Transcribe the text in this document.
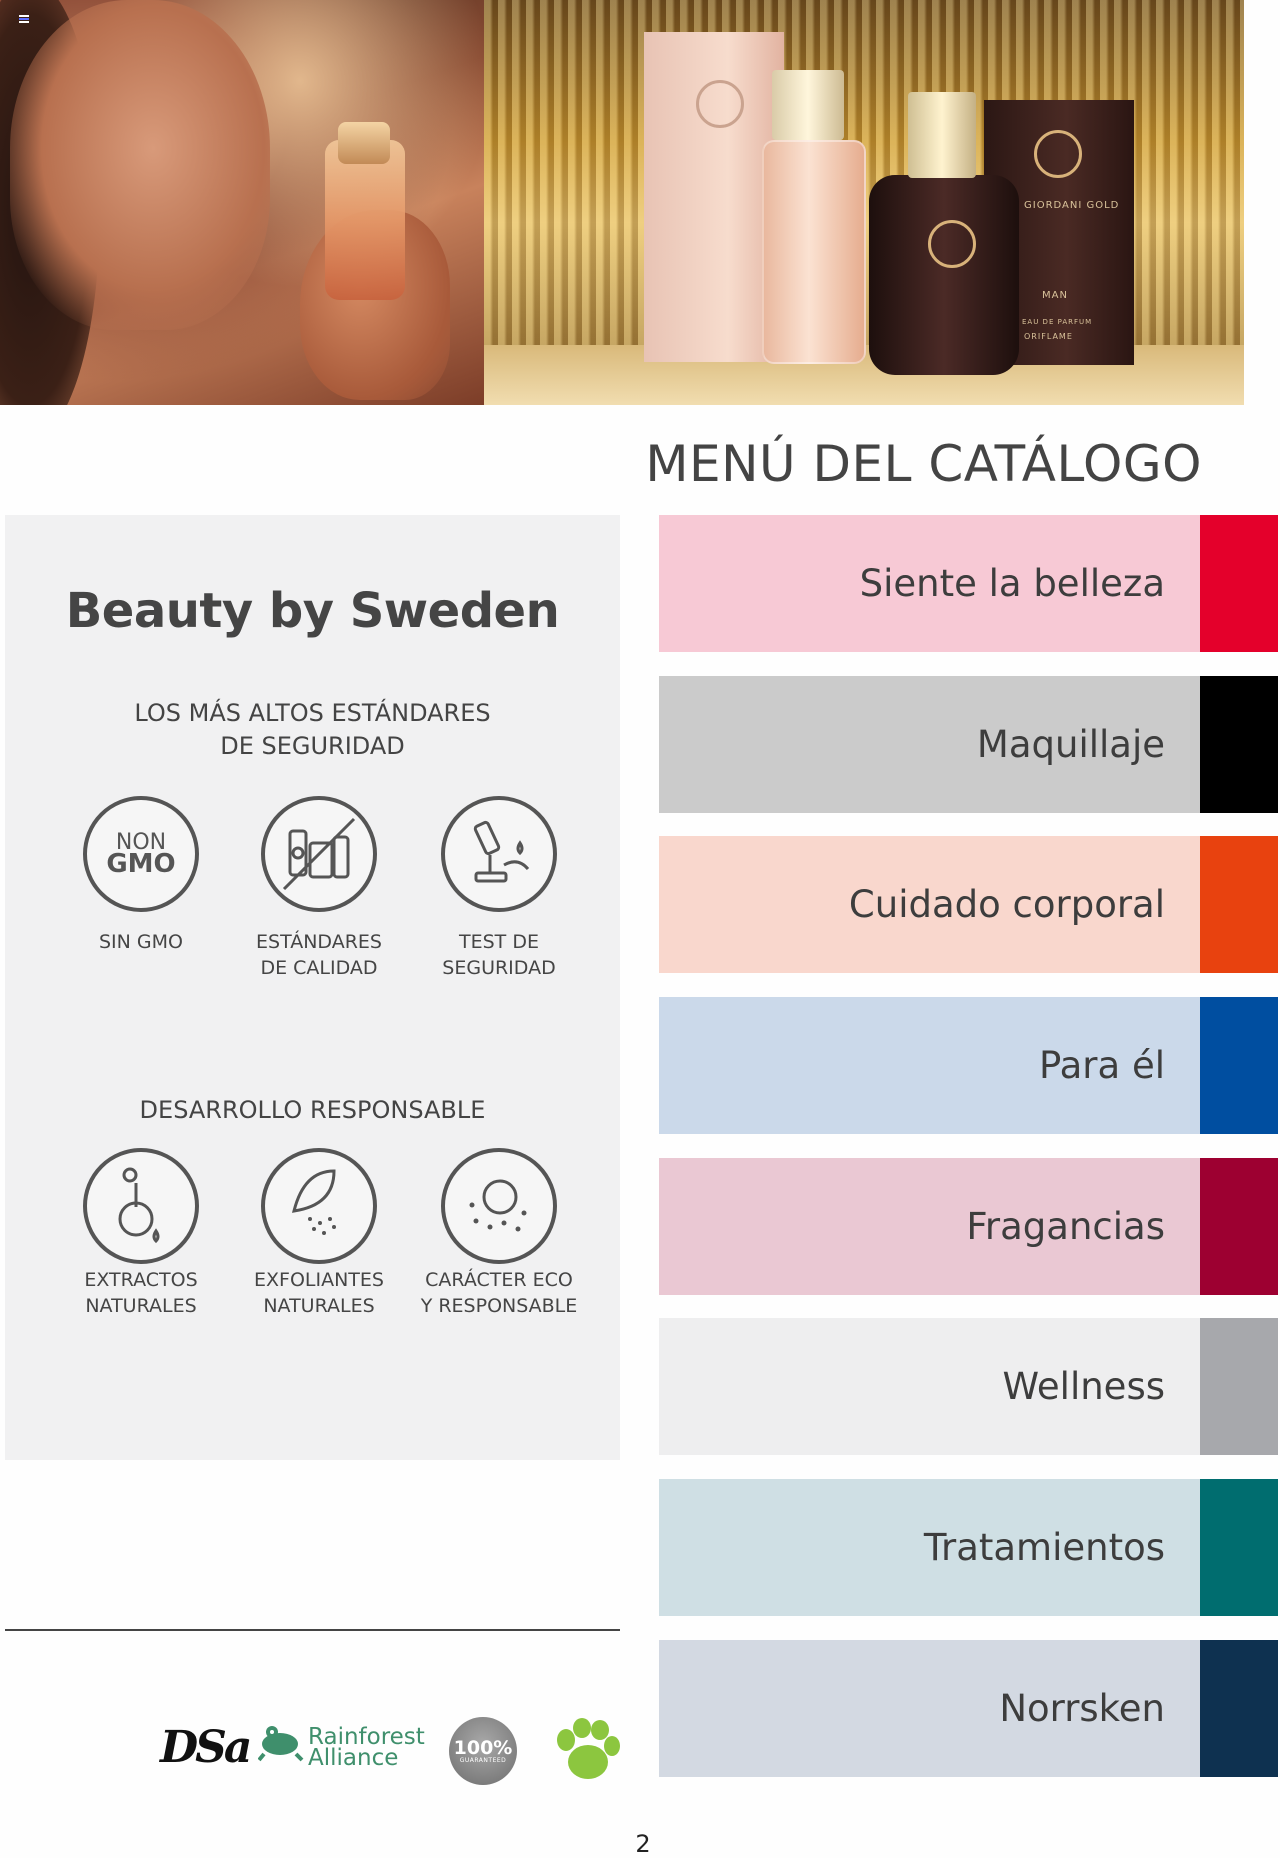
GIORDANI GOLD
MAN
EAU DE PARFUM
ORIFLAME
MENÚ DEL CATÁLOGO
Beauty by Sweden
LOS MÁS ALTOS ESTÁNDARES
DE SEGURIDAD
NON
GMO
SIN GMO	ESTÁNDARES
DE CALIDAD
TEST DE
SEGURIDAD
DESARROLLO RESPONSABLE
EXTRACTOS
NATURALES
EXFOLIANTES
NATURALES
CARÁCTER ECO
Y RESPONSABLE
DSa	Rainforest
Alliance	100%
GUARANTEED
Siente la belleza
Maquillaje
Cuidado corporal
Para él
Fragancias
Wellness
Tratamientos
Norrsken
2
